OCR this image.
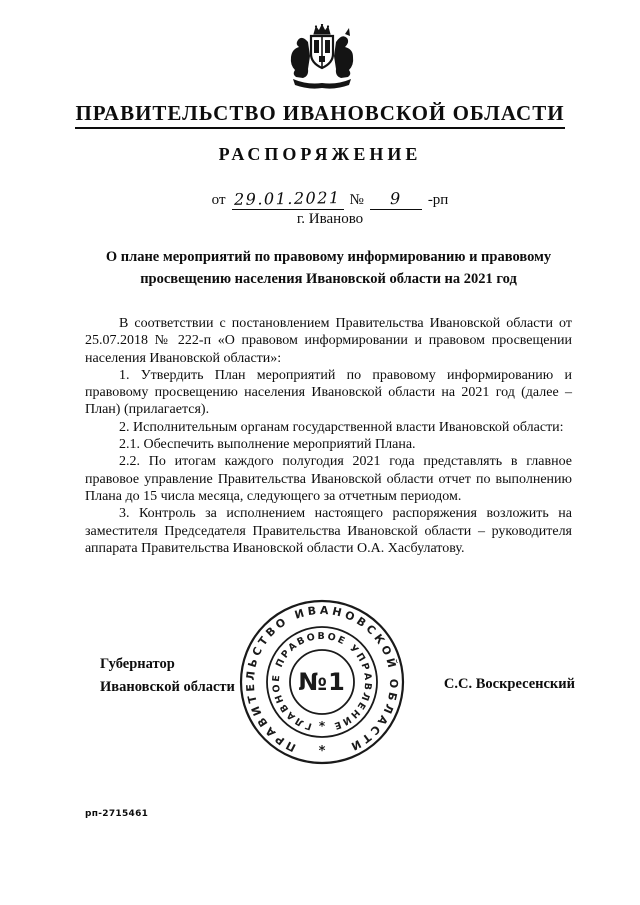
ПРАВИТЕЛЬСТВО ИВАНОВСКОЙ ОБЛАСТИ
РАСПОРЯЖЕНИЕ
от 29.01.2021 №	9	-рп
г. Иваново
О плане мероприятий по правовому информированию и правовому просвещению населения Ивановской области на 2021 год

В соответствии с постановлением Правительства Ивановской области от 25.07.2018 № 222-п «О правовом информировании и правовом просвещении населения Ивановской области»:

1. Утвердить План мероприятий по правовому информированию и правовому просвещению населения Ивановской области на 2021 год (далее – План) (прилагается).

2. Исполнительным органам государственной власти Ивановской области:

2.1. Обеспечить выполнение мероприятий Плана.

2.2. По итогам каждого полугодия 2021 года представлять в главное правовое управление Правительства Ивановской области отчет по выполнению Плана до 15 числа месяца, следующего за отчетным периодом.

3. Контроль за исполнением настоящего распоряжения возложить на заместителя Председателя Правительства Ивановской области – руководителя аппарата Правительства Ивановской области О.А. Хасбулатову.

Губернатор
Ивановской области	С.С. Воскресенский
ПРАВИТЕЛЬСТВО ИВАНОВСКОЙ ОБЛАСТИ
ГЛАВНОЕ ПРАВОВОЕ УПРАВЛЕНИЕ
*
*
№1
рп-2715461
